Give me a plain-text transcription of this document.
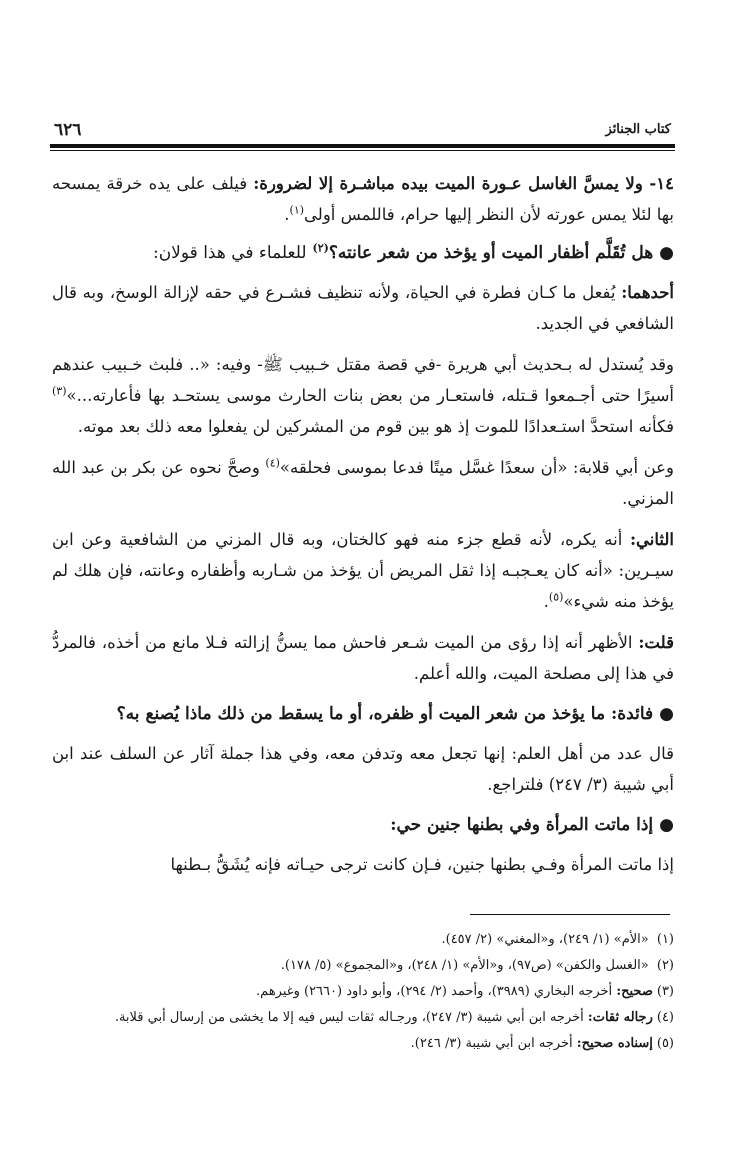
٦٢٦	كتاب الجنائز

١٤- ولا يمسَّ الغاسل عـورة الميت بيده مباشـرة إلا لضرورة: فيلف على يده خرقة يمسحه بها لئلا يمس عورته لأن النظر إليها حرام، فاللمس أولى$^{(١)}$.

●هل تُقَلَّم أظفار الميت أو يؤخذ من شعر عانته؟$^{(٢)}$ للعلماء في هذا قولان:

أحدهما: يُفعل ما كـان فطرة في الحياة، ولأنه تنظيف فشـرع في حقه لإزالة الوسخ، وبه قال الشافعي في الجديد.

وقد يُستدل له بـحديث أبي هريرة -في قصة مقتل خـبيب ﷺ- وفيه: «.. فلبث خـبيب عندهم أسيرًا حتى أجـمعوا قـتله، فاستعـار من بعض بنات الحارث موسى يستحـد بها فأعارته...»$^{(٣)}$ فكأنه استحدَّ استـعدادًا للموت إذ هو بين قوم من المشركين لن يفعلوا معه ذلك بعد موته.

وعن أبي قلابة: «أن سعدًا غسَّل ميتًا فدعا بموسى فحلقه»$^{(٤)}$ وصحَّ نحوه عن بكر بن عبد الله المزني.

الثاني: أنه يكره، لأنه قطع جزء منه فهو كالختان، وبه قال المزني من الشافعية وعن ابن سيـرين: «أنه كان يعـجبـه إذا ثقل المريض أن يؤخذ من شـاربه وأظفاره وعانته، فإن هلك لم يؤخذ منه شيء»$^{(٥)}$.

قلت: الأظهر أنه إذا رؤى من الميت شـعر فاحش مما يسنُّ إزالته فـلا مانع من أخذه، فالمردُّ في هذا إلى مصلحة الميت، والله أعلم.

●فائدة: ما يؤخذ من شعر الميت أو ظفره، أو ما يسقط من ذلك ماذا يُصنع به؟

قال عدد من أهل العلم: إنها تجعل معه وتدفن معه، وفي هذا جملة آثار عن السلف عند ابن أبي شيبة (٣/ ٢٤٧) فلتراجع.

●إذا ماتت المرأة وفي بطنها جنين حي:

إذا ماتت المرأة وفـي بطنها جنين، فـإن كانت ترجى حيـاته فإنه يُشَقُّ بـطنها

(١) «الأم» (١/ ٢٤٩)، و«المغني» (٢/ ٤٥٧).

(٢) «الغسل والكفن» (ص٩٧)، و«الأم» (١/ ٢٤٨)، و«المجموع» (٥/ ١٧٨).

(٣)صحيح: أخرجه البخاري (٣٩٨٩)، وأحمد (٢/ ٢٩٤)، وأبو داود (٢٦٦٠) وغيرهم.

(٤)رجاله ثقات: أخرجه ابن أبي شيبة (٣/ ٢٤٧)، ورجـاله ثقات ليس فيه إلا ما يخشى من إرسال أبي قلابة.

(٥)إسناده صحيح: أخرجه ابن أبي شيبة (٣/ ٢٤٦).
